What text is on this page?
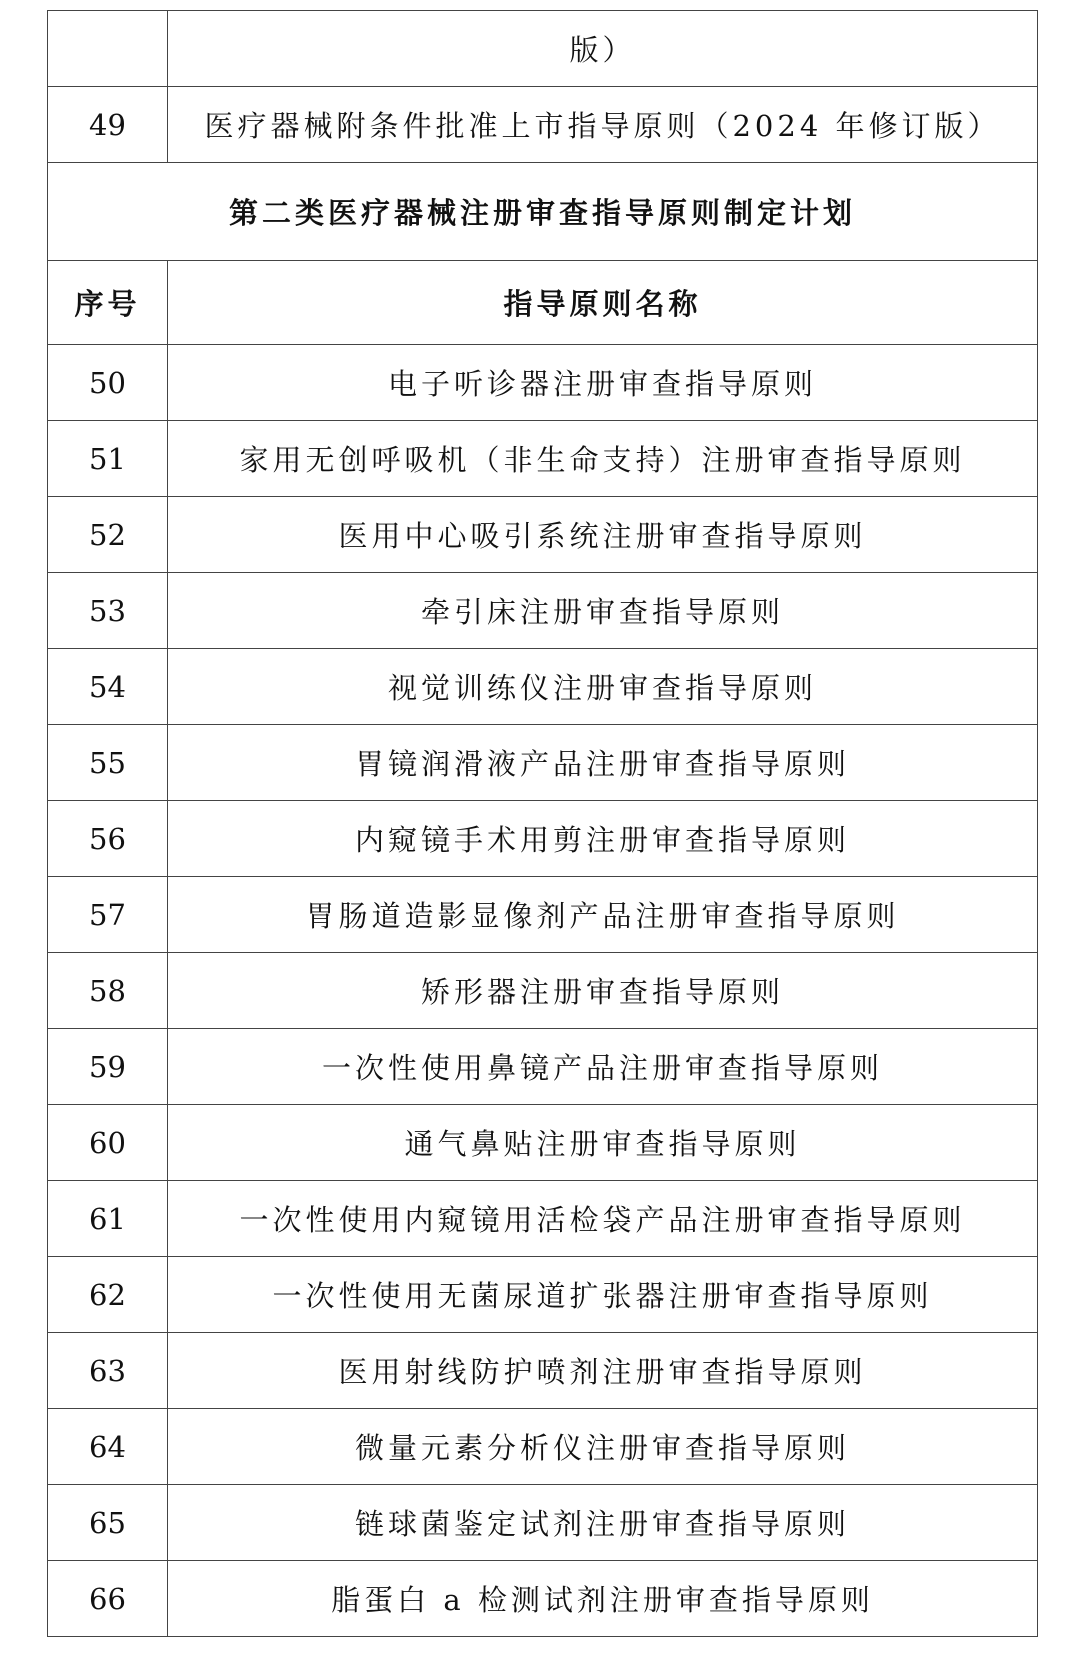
	版）
49	医疗器械附条件批准上市指导原则（2024 年修订版）
第二类医疗器械注册审查指导原则制定计划	
序号	指导原则名称
50	电子听诊器注册审查指导原则
51	家用无创呼吸机（非生命支持）注册审查指导原则
52	医用中心吸引系统注册审查指导原则
53	牵引床注册审查指导原则
54	视觉训练仪注册审查指导原则
55	胃镜润滑液产品注册审查指导原则
56	内窥镜手术用剪注册审查指导原则
57	胃肠道造影显像剂产品注册审查指导原则
58	矫形器注册审查指导原则
59	一次性使用鼻镜产品注册审查指导原则
60	通气鼻贴注册审查指导原则
61	一次性使用内窥镜用活检袋产品注册审查指导原则
62	一次性使用无菌尿道扩张器注册审查指导原则
63	医用射线防护喷剂注册审查指导原则
64	微量元素分析仪注册审查指导原则
65	链球菌鉴定试剂注册审查指导原则
66	脂蛋白 a 检测试剂注册审查指导原则
